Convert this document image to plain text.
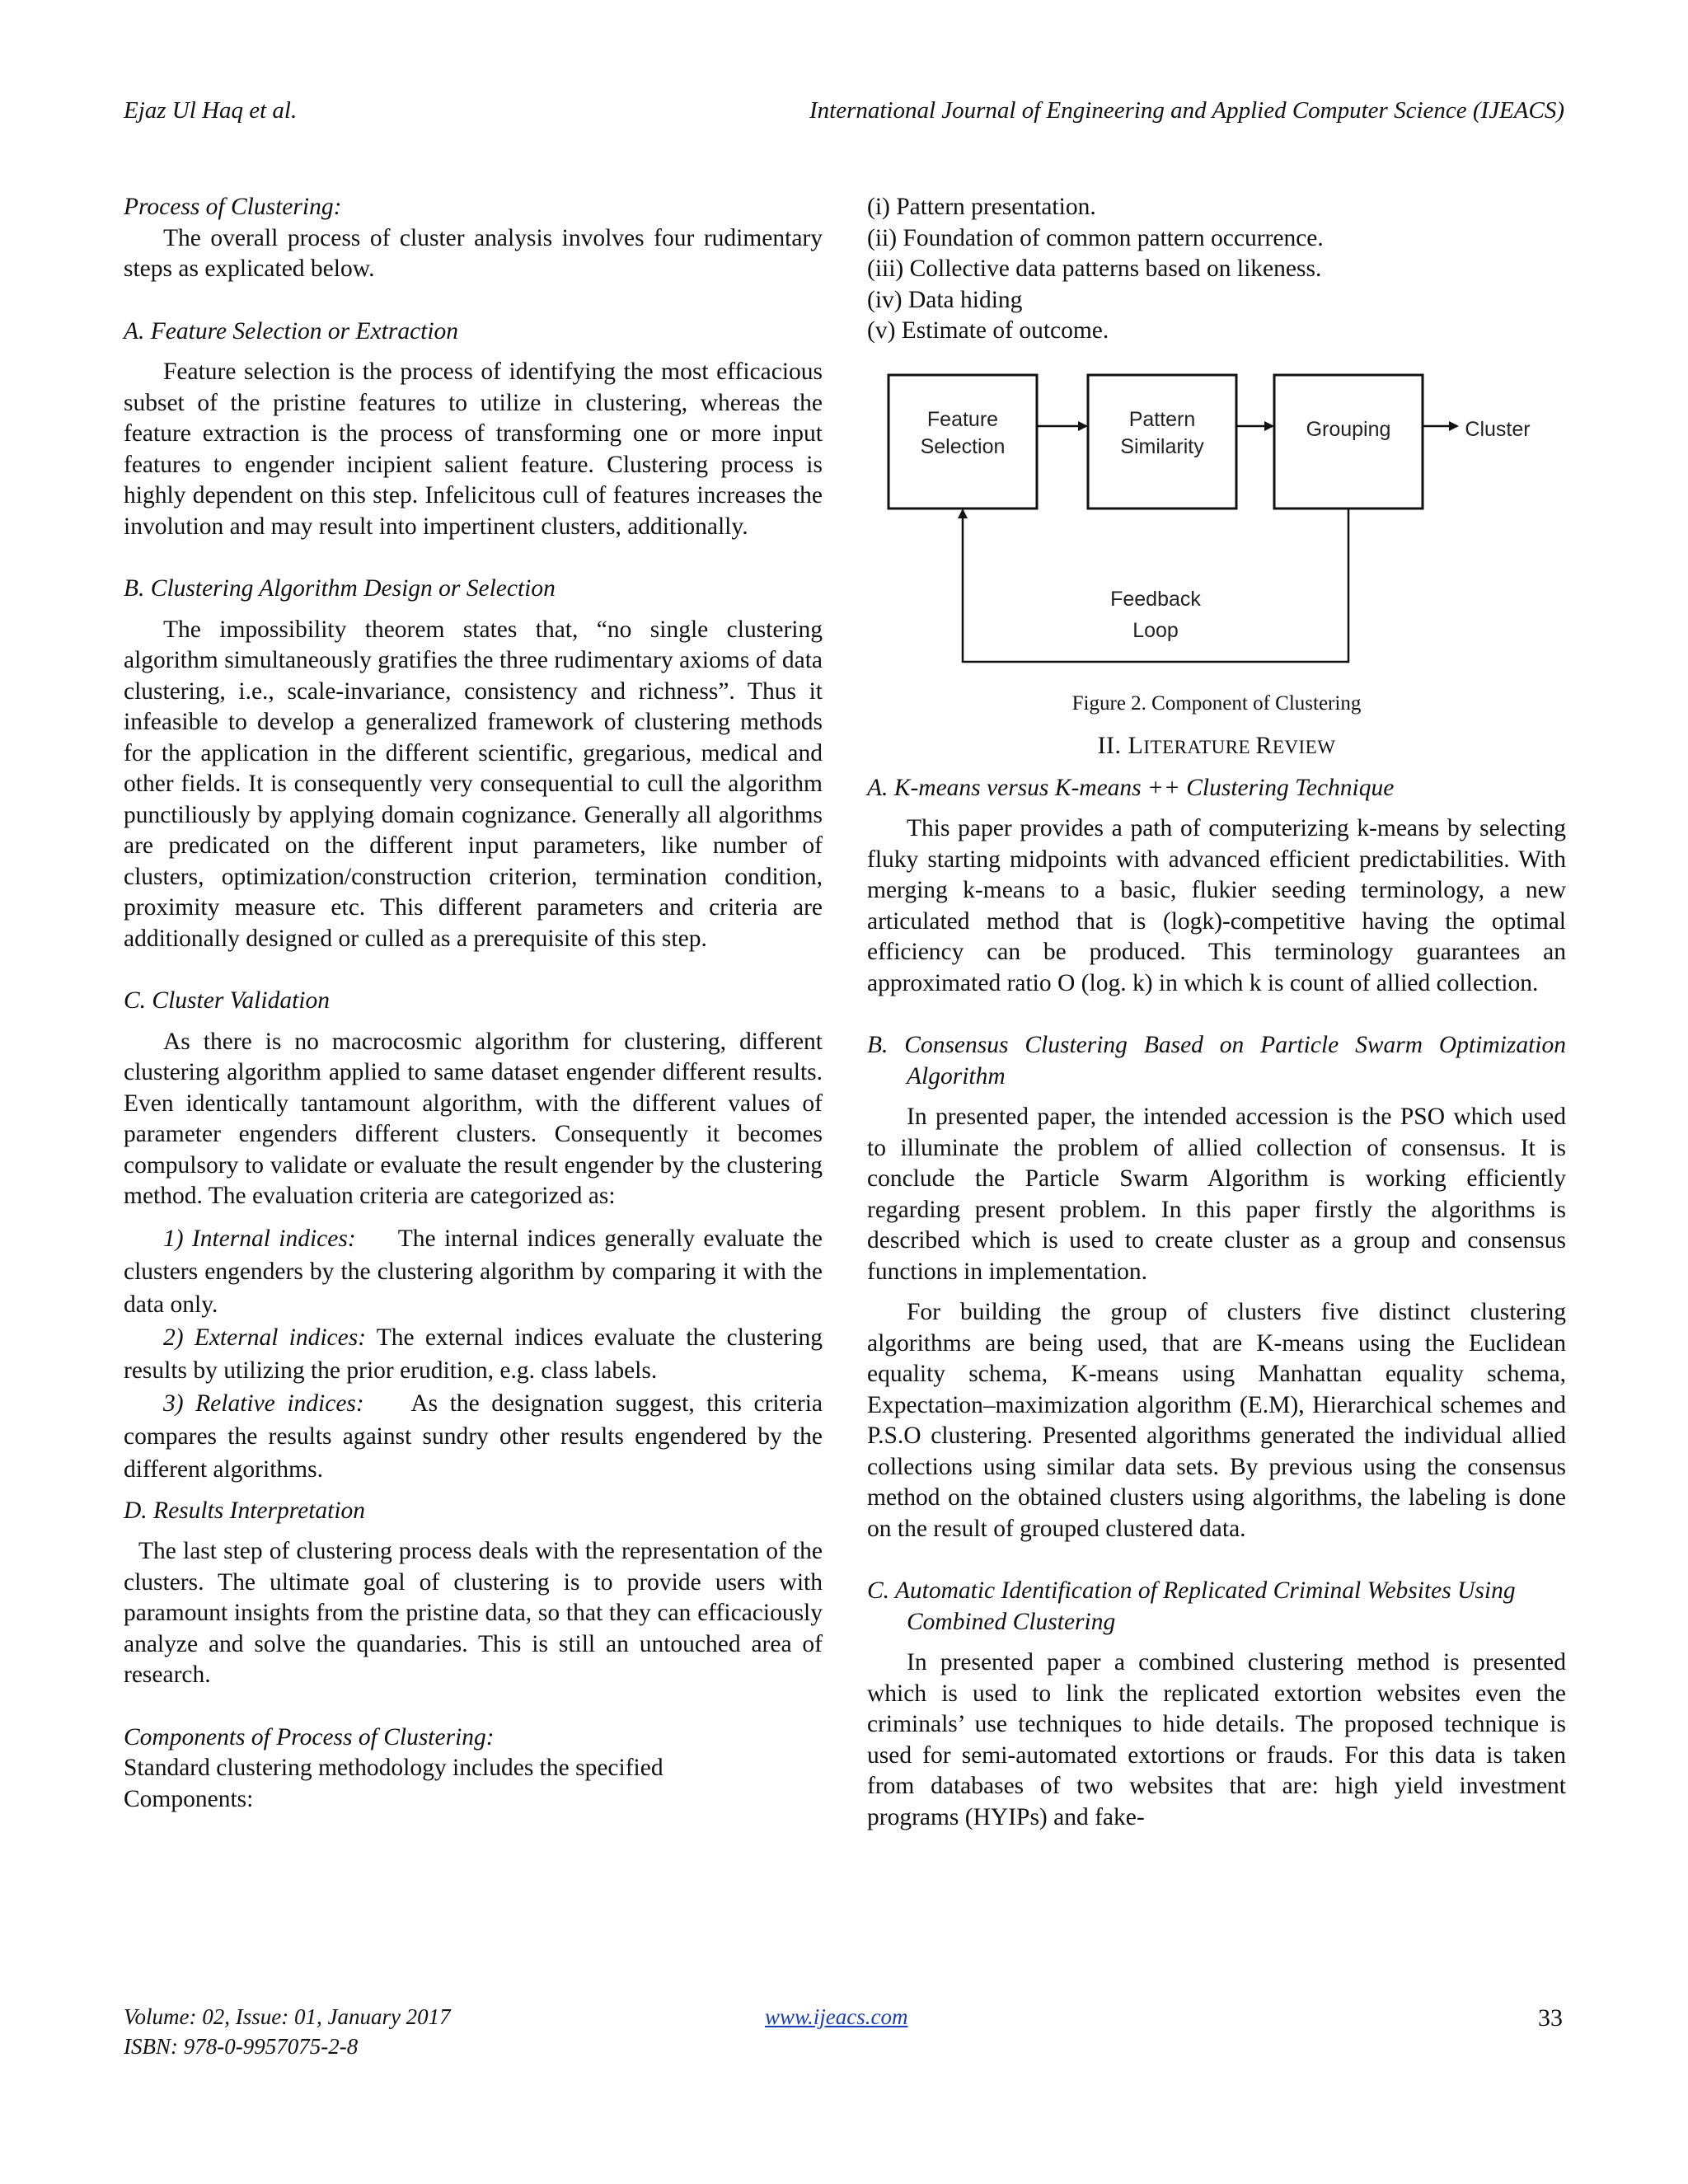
Ejaz Ul Haq et al.	International Journal of Engineering and Applied Computer Science (IJEACS)
Process of Clustering:

The overall process of cluster analysis involves four rudimentary steps as explicated below.

A. Feature Selection or Extraction

Feature selection is the process of identifying the most efficacious subset of the pristine features to utilize in clustering, whereas the feature extraction is the process of transforming one or more input features to engender incipient salient feature. Clustering process is highly dependent on this step. Infelicitous cull of features increases the involution and may result into impertinent clusters, additionally.

B. Clustering Algorithm Design or Selection

The impossibility theorem states that, “no single clustering algorithm simultaneously gratifies the three rudimentary axioms of data clustering, i.e., scale-invariance, consistency and richness”. Thus it infeasible to develop a generalized framework of clustering methods for the application in the different scientific, gregarious, medical and other fields. It is consequently very consequential to cull the algorithm punctiliously by applying domain cognizance. Generally all algorithms are predicated on the different input parameters, like number of clusters, optimization/construction criterion, termination condition, proximity measure etc. This different parameters and criteria are additionally designed or culled as a prerequisite of this step.

C. Cluster Validation

As there is no macrocosmic algorithm for clustering, different clustering algorithm applied to same dataset engender different results. Even identically tantamount algorithm, with the different values of parameter engenders different clusters. Consequently it becomes compulsory to validate or evaluate the result engender by the clustering method. The evaluation criteria are categorized as:

1) Internal indices: The internal indices generally evaluate the clusters engenders by the clustering algorithm by comparing it with the data only.

2) External indices: The external indices evaluate the clustering results by utilizing the prior erudition, e.g. class labels.

3) Relative indices: As the designation suggest, this criteria compares the results against sundry other results engendered by the different algorithms.

D. Results Interpretation

The last step of clustering process deals with the representation of the clusters. The ultimate goal of clustering is to provide users with paramount insights from the pristine data, so that they can efficaciously analyze and solve the quandaries. This is still an untouched area of research.

Components of Process of Clustering:

Standard clustering methodology includes the specified Components:

(i) Pattern presentation.
(ii) Foundation of common pattern occurrence.
(iii) Collective data patterns based on likeness.
(iv) Data hiding
(v) Estimate of outcome.
Feature
Selection
Pattern
Similarity
Grouping	Cluster
Feedback
Loop
Figure 2. Component of Clustering
II. LITERATURE REVIEW
A. K-means versus K-means ++ Clustering Technique

This paper provides a path of computerizing k-means by selecting fluky starting midpoints with advanced efficient predictabilities. With merging k-means to a basic, flukier seeding terminology, a new articulated method that is (logk)-competitive having the optimal efficiency can be produced. This terminology guarantees an approximated ratio O (log. k) in which k is count of allied collection.

B. Consensus Clustering Based on Particle Swarm Optimization Algorithm

In presented paper, the intended accession is the PSO which used to illuminate the problem of allied collection of consensus. It is conclude the Particle Swarm Algorithm is working efficiently regarding present problem. In this paper firstly the algorithms is described which is used to create cluster as a group and consensus functions in implementation.

For building the group of clusters five distinct clustering algorithms are being used, that are K-means using the Euclidean equality schema, K-means using Manhattan equality schema, Expectation–maximization algorithm (E.M), Hierarchical schemes and P.S.O clustering. Presented algorithms generated the individual allied collections using similar data sets. By previous using the consensus method on the obtained clusters using algorithms, the labeling is done on the result of grouped clustered data.

C. Automatic Identification of Replicated Criminal Websites Using Combined Clustering

In presented paper a combined clustering method is presented which is used to link the replicated extortion websites even the criminals’ use techniques to hide details. The proposed technique is used for semi-automated extortions or frauds. For this data is taken from databases of two websites that are: high yield investment programs (HYIPs) and fake-

Volume: 02, Issue: 01, January 2017
ISBN: 978-0-9957075-2-8
www.ijeacs.com	33
